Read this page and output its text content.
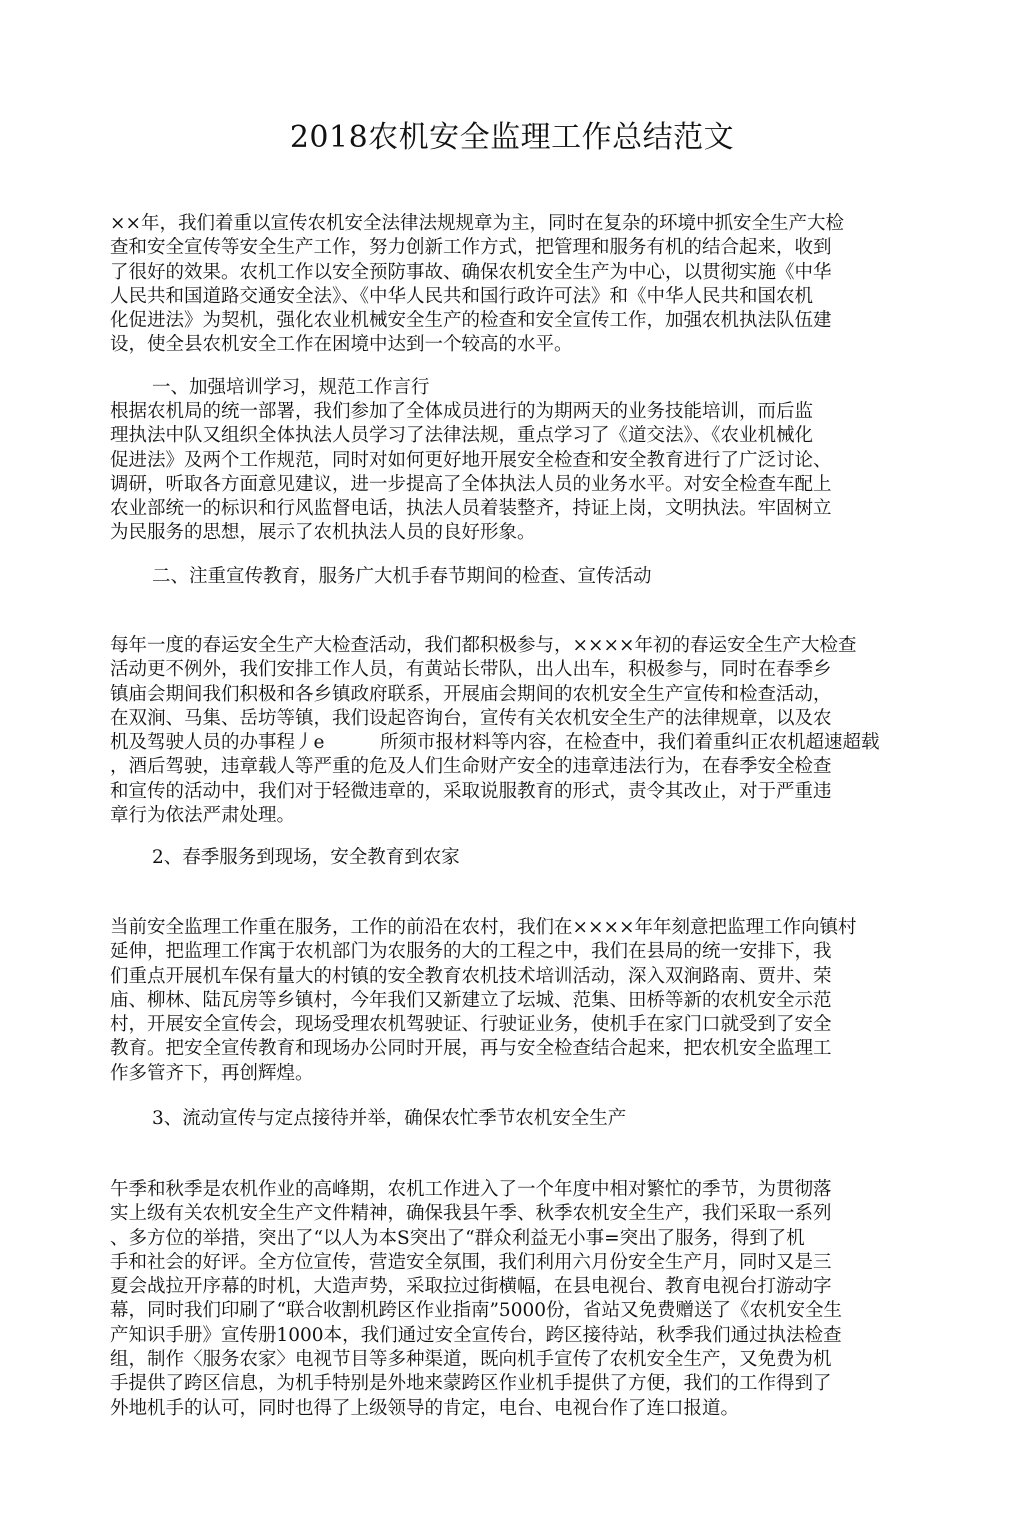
2018农机安全监理工作总结范文
××年，我们着重以宣传农机安全法律法规规章为主，同时在复杂的环境中抓安全生产大检
查和安全宣传等安全生产工作，努力创新工作方式，把管理和服务有机的结合起来，收到
了很好的效果。农机工作以安全预防事故、确保农机安全生产为中心，以贯彻实施《中华
人民共和国道路交通安全法》、《中华人民共和国行政许可法》和《中华人民共和国农机
化促进法》为契机，强化农业机械安全生产的检查和安全宣传工作，加强农机执法队伍建
设，使全县农机安全工作在困境中达到一个较高的水平。
一、加强培训学习，规范工作言行
根据农机局的统一部署，我们参加了全体成员进行的为期两天的业务技能培训，而后监
理执法中队又组织全体执法人员学习了法律法规，重点学习了《道交法》、《农业机械化
促进法》及两个工作规范，同时对如何更好地开展安全检查和安全教育进行了广泛讨论、
调研，听取各方面意见建议，进一步提高了全体执法人员的业务水平。对安全检查车配上
农业部统一的标识和行风监督电话，执法人员着装整齐，持证上岗，文明执法。牢固树立
为民服务的思想，展示了农机执法人员的良好形象。
二、注重宣传教育，服务广大机手春节期间的检查、宣传活动
每年一度的春运安全生产大检查活动，我们都积极参与，××××年初的春运安全生产大检查
活动更不例外，我们安排工作人员，有黄站长带队，出人出车，积极参与，同时在春季乡
镇庙会期间我们积极和各乡镇政府联系，开展庙会期间的农机安全生产宣传和检查活动，
在双涧、马集、岳坊等镇，我们设起咨询台，宣传有关农机安全生产的法律规章，以及农
机及驾驶人员的办事程丿e　　　所须市报材料等内容，在检查中，我们着重纠正农机超速超载
，酒后驾驶，违章载人等严重的危及人们生命财产安全的违章违法行为，在春季安全检查
和宣传的活动中，我们对于轻微违章的，采取说服教育的形式，责令其改止，对于严重违
章行为依法严肃处理。
2、春季服务到现场，安全教育到农家
当前安全监理工作重在服务，工作的前沿在农村，我们在××××年年刻意把监理工作向镇村
延伸，把监理工作寓于农机部门为农服务的大的工程之中，我们在县局的统一安排下，我
们重点开展机车保有量大的村镇的安全教育农机技术培训活动，深入双涧路南、贾井、荣
庙、柳林、陆瓦房等乡镇村，今年我们又新建立了坛城、范集、田桥等新的农机安全示范
村，开展安全宣传会，现场受理农机驾驶证、行驶证业务，使机手在家门口就受到了安全
教育。把安全宣传教育和现场办公同时开展，再与安全检查结合起来，把农机安全监理工
作多管齐下，再创辉煌。
3、流动宣传与定点接待并举，确保农忙季节农机安全生产
午季和秋季是农机作业的高峰期，农机工作进入了一个年度中相对繁忙的季节，为贯彻落
实上级有关农机安全生产文件精神，确保我县午季、秋季农机安全生产，我们采取一系列
、多方位的举措，突出了“以人为本S突出了“群众利益无小事=突出了服务，得到了机
手和社会的好评。全方位宣传，营造安全氛围，我们利用六月份安全生产月，同时又是三
夏会战拉开序幕的时机，大造声势，采取拉过街横幅，在县电视台、教育电视台打游动字
幕，同时我们印刷了“联合收割机跨区作业指南”5000份，省站又免费赠送了《农机安全生
产知识手册》宣传册1000本，我们通过安全宣传台，跨区接待站，秋季我们通过执法检查
组，制作〈服务农家〉电视节目等多种渠道，既向机手宣传了农机安全生产，又免费为机
手提供了跨区信息，为机手特别是外地来蒙跨区作业机手提供了方便，我们的工作得到了
外地机手的认可，同时也得了上级领导的肯定，电台、电视台作了连口报道。
